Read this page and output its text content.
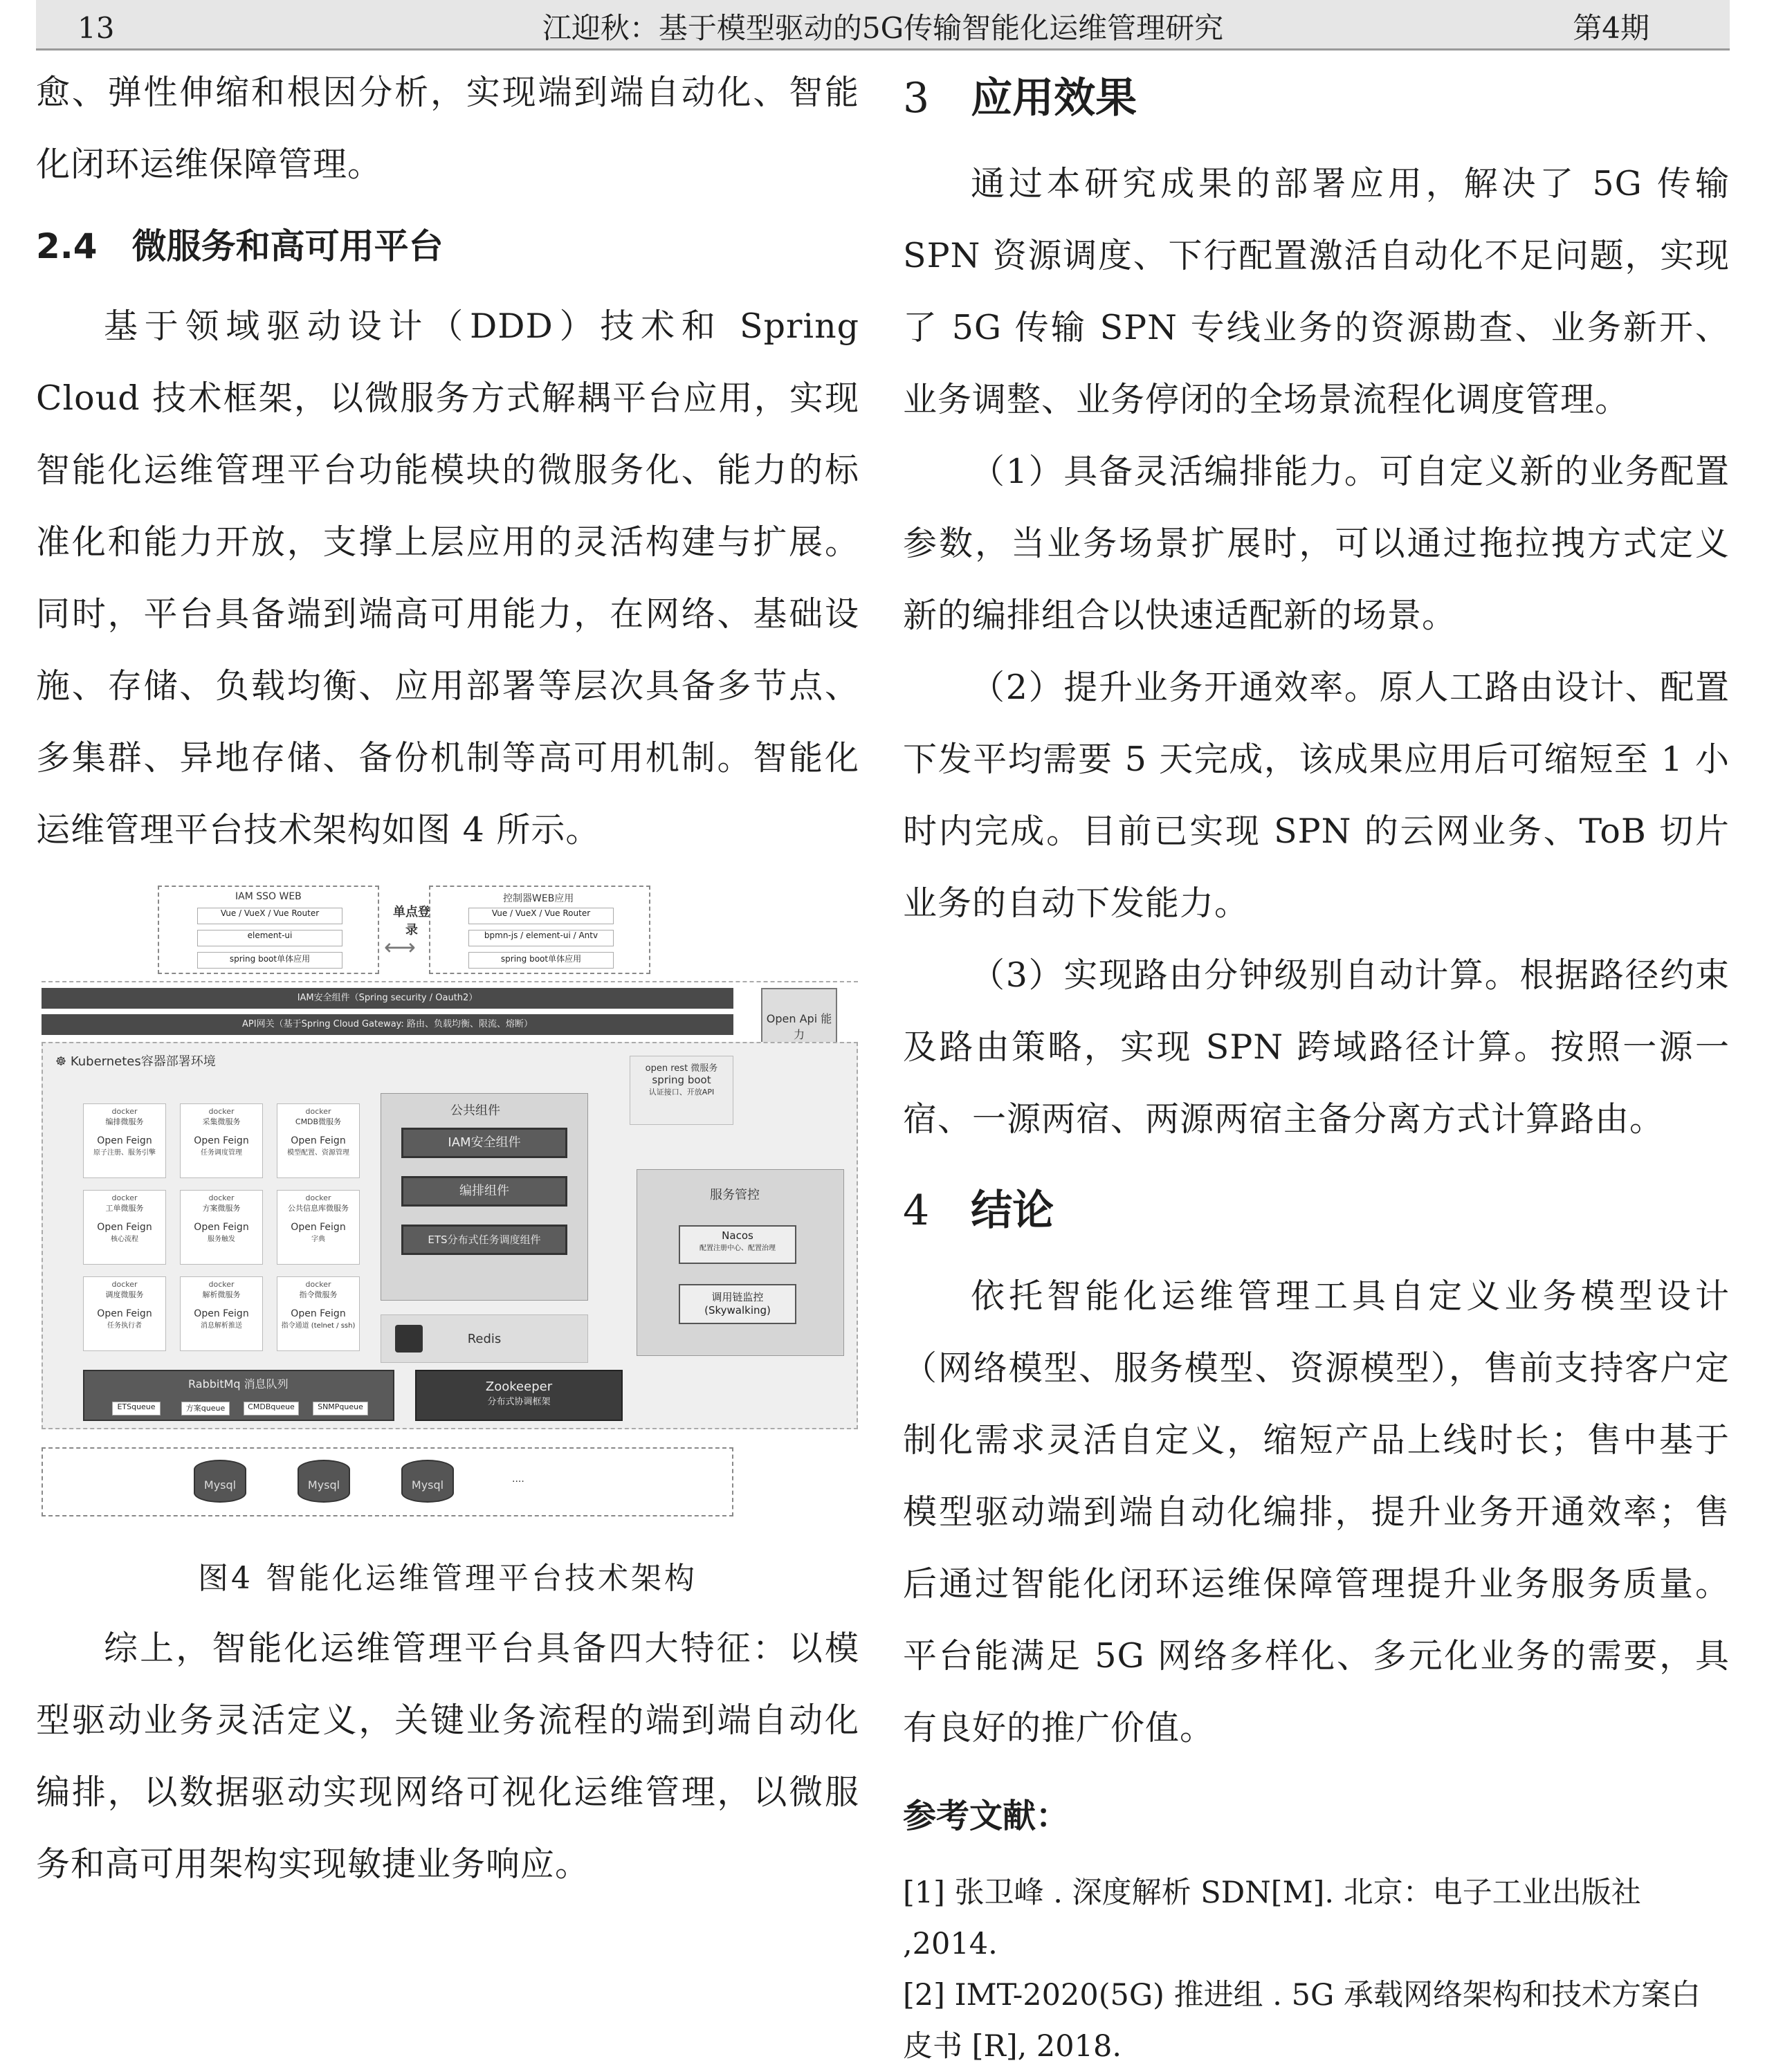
13	江迎秋：基于模型驱动的5G传输智能化运维管理研究	第4期

愈、弹性伸缩和根因分析，实现端到端自动化、智能化闭环运维保障管理。

2.4　微服务和高可用平台

基于领域驱动设计（DDD）技术和 Spring Cloud 技术框架，以微服务方式解耦平台应用，实现智能化运维管理平台功能模块的微服务化、能力的标准化和能力开放，支撑上层应用的灵活构建与扩展。同时，平台具备端到端高可用能力，在网络、基础设施、存储、负载均衡、应用部署等层次具备多节点、多集群、异地存储、备份机制等高可用机制。智能化运维管理平台技术架构如图 4 所示。

IAM SSO WEB
Vue / VueX / Vue Router
element-ui
spring boot单体应用
单点登录
⟷
控制器WEB应用
Vue / VueX / Vue Router
bpmn-js / element-ui / Antv
spring boot单体应用
IAM安全组件（Spring security / Oauth2）
API网关（基于Spring Cloud Gateway: 路由、负载均衡、限流、熔断）	Open Api 能力
☸ Kubernetes容器部署环境	open rest 微服务
spring boot
认证接口、开放API
docker
编排微服务
Open Feign
原子注册、服务引擎
docker
采集微服务
Open Feign
任务调度管理
docker
CMDB微服务
Open Feign
模型配置、资源管理
docker
工单微服务
Open Feign
核心流程
docker
方案微服务
Open Feign
服务触发
docker
公共信息库微服务
Open Feign
字典
docker
调度微服务
Open Feign
任务执行者
docker
解析微服务
Open Feign
消息解析推送
docker
指令微服务
Open Feign
指令通道 (telnet / ssh)
公共组件
IAM安全组件
编排组件
ETS分布式任务调度组件
Redis
服务管控
Nacos
配置注册中心、配置治理
调用链监控 (Skywalking)
RabbitMq 消息队列
ETSqueue	方案queue	CMDBqueue	SNMPqueue
Zookeeper
分布式协调框架
Mysql	Mysql	Mysql	....
图4 智能化运维管理平台技术架构

综上，智能化运维管理平台具备四大特征：以模型驱动业务灵活定义，关键业务流程的端到端自动化编排，以数据驱动实现网络可视化运维管理，以微服务和高可用架构实现敏捷业务响应。

3 应用效果

通过本研究成果的部署应用，解决了 5G 传输 SPN 资源调度、下行配置激活自动化不足问题，实现了 5G 传输 SPN 专线业务的资源勘查、业务新开、业务调整、业务停闭的全场景流程化调度管理。

（1）具备灵活编排能力。可自定义新的业务配置参数，当业务场景扩展时，可以通过拖拉拽方式定义新的编排组合以快速适配新的场景。

（2）提升业务开通效率。原人工路由设计、配置下发平均需要 5 天完成，该成果应用后可缩短至 1 小时内完成。目前已实现 SPN 的云网业务、ToB 切片业务的自动下发能力。

（3）实现路由分钟级别自动计算。根据路径约束及路由策略，实现 SPN 跨域路径计算。按照一源一宿、一源两宿、两源两宿主备分离方式计算路由。

4 结论

依托智能化运维管理工具自定义业务模型设计（网络模型、服务模型、资源模型），售前支持客户定制化需求灵活自定义，缩短产品上线时长；售中基于模型驱动端到端自动化编排，提升业务开通效率；售后通过智能化闭环运维保障管理提升业务服务质量。平台能满足 5G 网络多样化、多元化业务的需要，具有良好的推广价值。

参考文献：

[1] 张卫峰 . 深度解析 SDN[M]. 北京：电子工业出版社 ,2014.

[2] IMT-2020(5G) 推进组 . 5G 承载网络架构和技术方案白皮书 [R], 2018.
